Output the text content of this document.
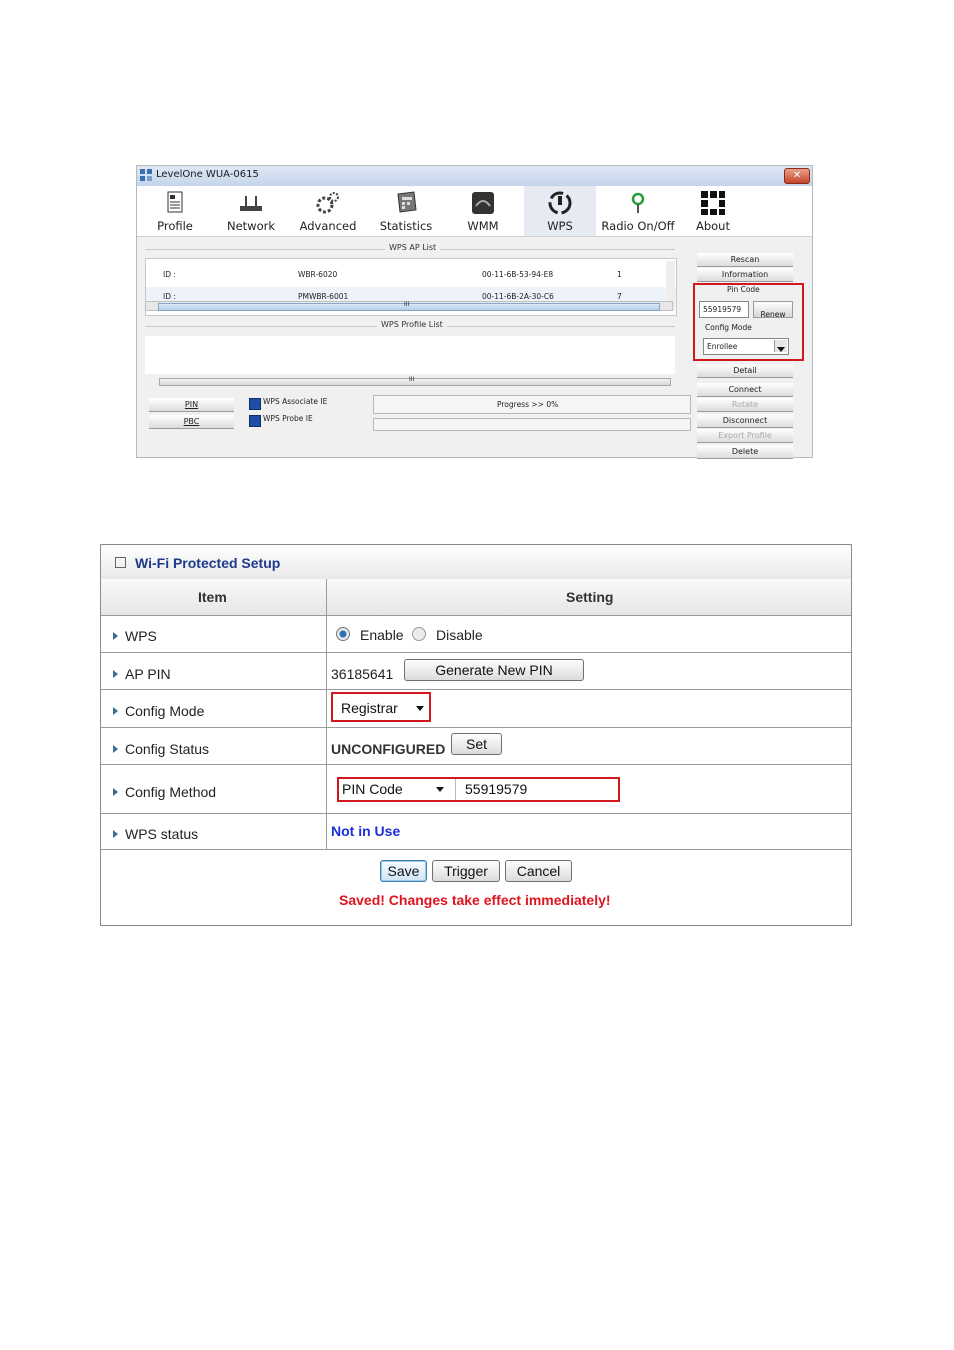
LevelOne WUA-0615	✕
Profile	Network	Advanced	Statistics	WMM	WPS	Radio On/Off	About
WPS AP List
ID :	WBR-6020	00-11-6B-53-94-E8	1
ID :	PMWBR-6001	00-11-6B-2A-30-C6	7
III
WPS Profile List
III
PIN
PBC
WPS Associate IE
WPS Probe IE
Progress >> 0%
Rescan
Information
Pin Code
55919579
Renew
Config Mode
Enrollee
Detail
Connect
Rotate
Disconnect
Export Profile
Delete
Wi-Fi Protected Setup
Item	Setting
WPS	Enable Disable
AP PIN	36185641	Generate New PIN
Config Mode	Registrar
Config Status	UNCONFIGURED	Set
Config Method	PIN Code	55919579
WPS status	Not in Use
Save	Trigger	Cancel
Saved! Changes take effect immediately!
